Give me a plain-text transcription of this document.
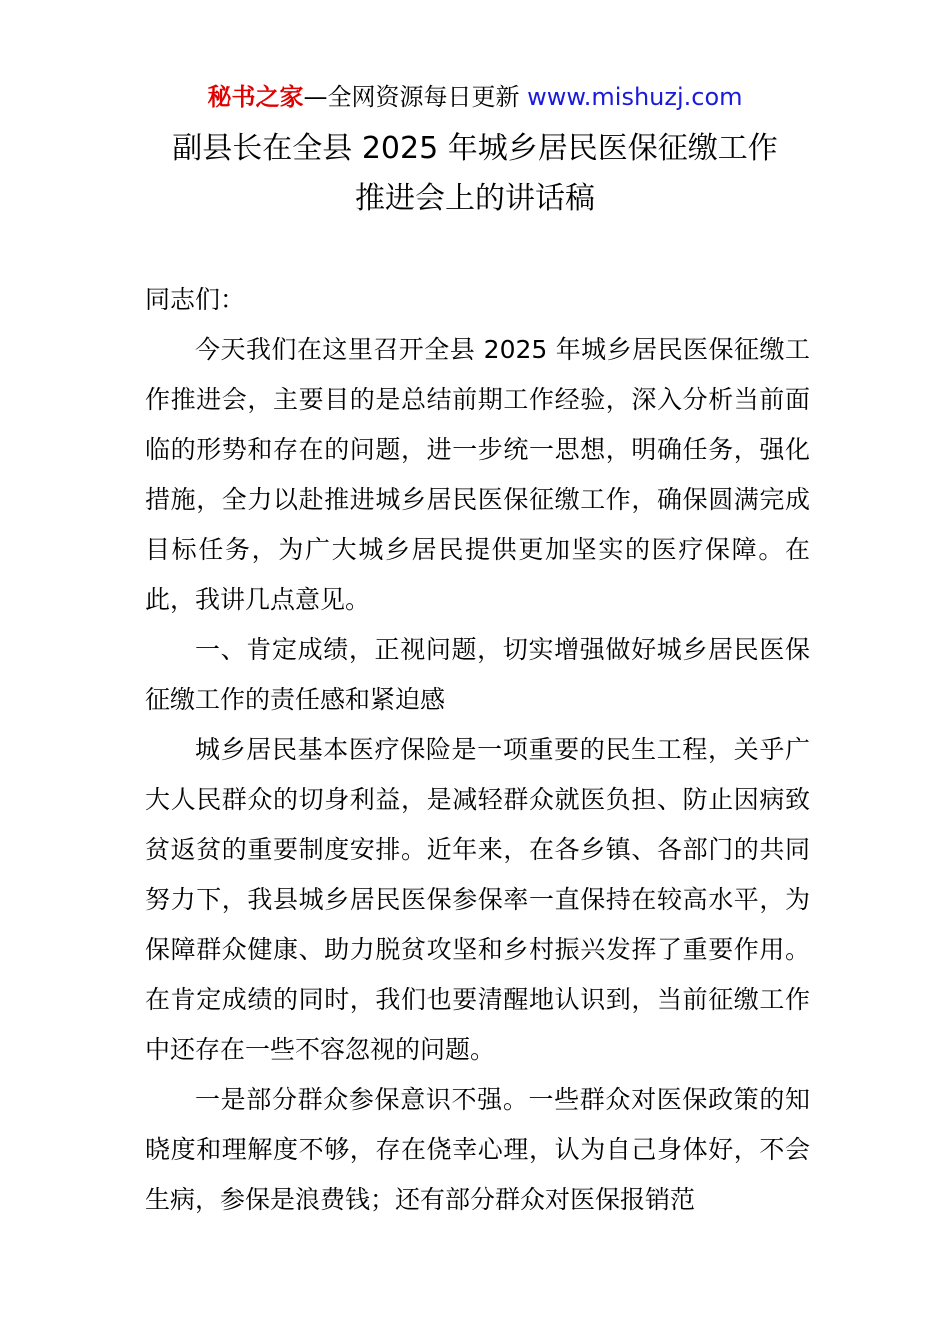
秘书之家—全网资源每日更新 www.mishuzj.com
副县长在全县 2025 年城乡居民医保征缴工作
推进会上的讲话稿

同志们：

今天我们在这里召开全县 2025 年城乡居民医保征缴工作推进会，主要目的是总结前期工作经验，深入分析当前面临的形势和存在的问题，进一步统一思想，明确任务，强化措施，全力以赴推进城乡居民医保征缴工作，确保圆满完成目标任务，为广大城乡居民提供更加坚实的医疗保障。在此，我讲几点意见。

一、肯定成绩，正视问题，切实增强做好城乡居民医保征缴工作的责任感和紧迫感

城乡居民基本医疗保险是一项重要的民生工程，关乎广大人民群众的切身利益，是减轻群众就医负担、防止因病致贫返贫的重要制度安排。近年来，在各乡镇、各部门的共同努力下，我县城乡居民医保参保率一直保持在较高水平，为保障群众健康、助力脱贫攻坚和乡村振兴发挥了重要作用。在肯定成绩的同时，我们也要清醒地认识到，当前征缴工作中还存在一些不容忽视的问题。

一是部分群众参保意识不强。一些群众对医保政策的知晓度和理解度不够，存在侥幸心理，认为自己身体好，不会生病，参保是浪费钱；还有部分群众对医保报销范
